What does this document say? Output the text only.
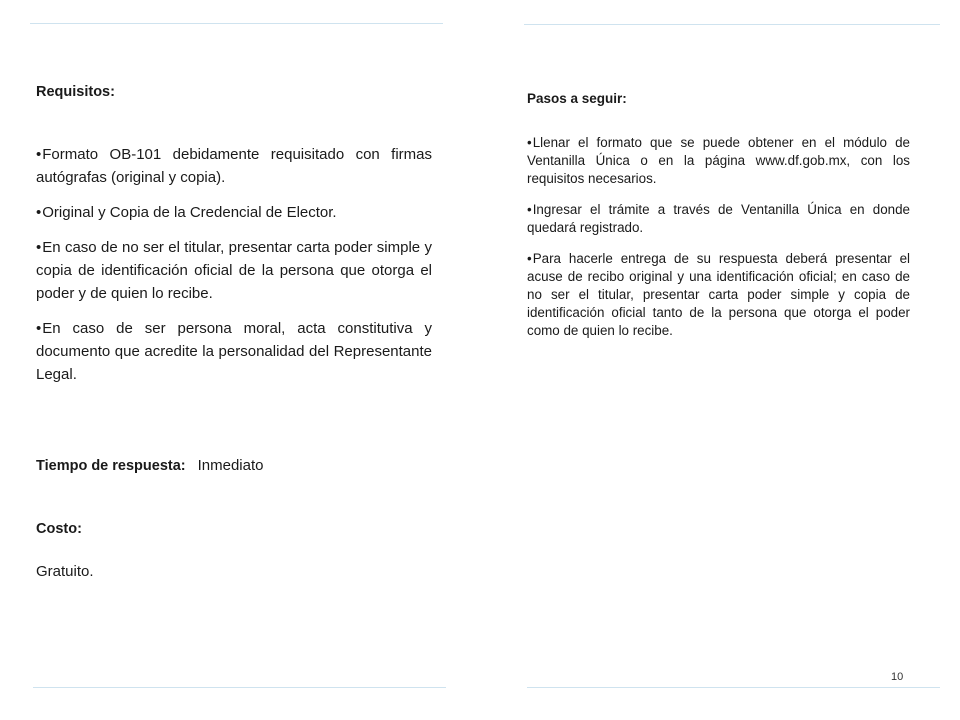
Requisitos:

•Formato OB-101 debidamente requisitado con firmas autógrafas (original y copia).
•Original y Copia de la Credencial de Elector.
•En caso de no ser el titular, presentar carta poder simple y copia de identificación oficial de la persona que otorga el poder y de quien lo recibe.
•En caso de ser persona moral, acta constitutiva y documento que acredite la personalidad del Representante Legal.
Tiempo de respuesta: Inmediato

Costo:

Gratuito.

Pasos a seguir:

•Llenar el formato que se puede obtener en el módulo de Ventanilla Única o en la página www.df.gob.mx, con los requisitos necesarios.
•Ingresar el trámite a través de Ventanilla Única en donde quedará registrado.
•Para hacerle entrega de su respuesta deberá presentar el acuse de recibo original y una identificación oficial; en caso de no ser el titular, presentar carta poder simple y copia de identificación oficial tanto de la persona que otorga el poder como de quien lo recibe.
10
